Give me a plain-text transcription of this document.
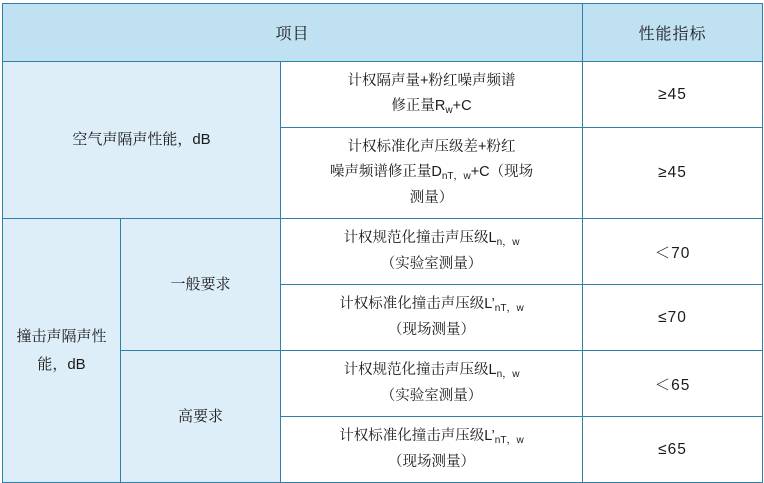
项目			性能指标
空气声隔声性能，dB		计权隔声量+粉红噪声频谱
修正量$R_w+C$	≥45
		计权标准化声压级差+粉红
噪声频谱修正量$D_{nT,w}+C$（现场
测量）	≥45
撞击声隔声性能，dB	一般要求	计权规范化撞击声压级$L_{n,w}$
（实验室测量）	＜70
		计权标准化撞击声压级$L’_{nT,w}$
（现场测量）	≤70
	高要求	计权规范化撞击声压级$L_{n,w}$
（实验室测量）	＜65
		计权标准化撞击声压级$L’_{nT,w}$
（现场测量）	≤65
